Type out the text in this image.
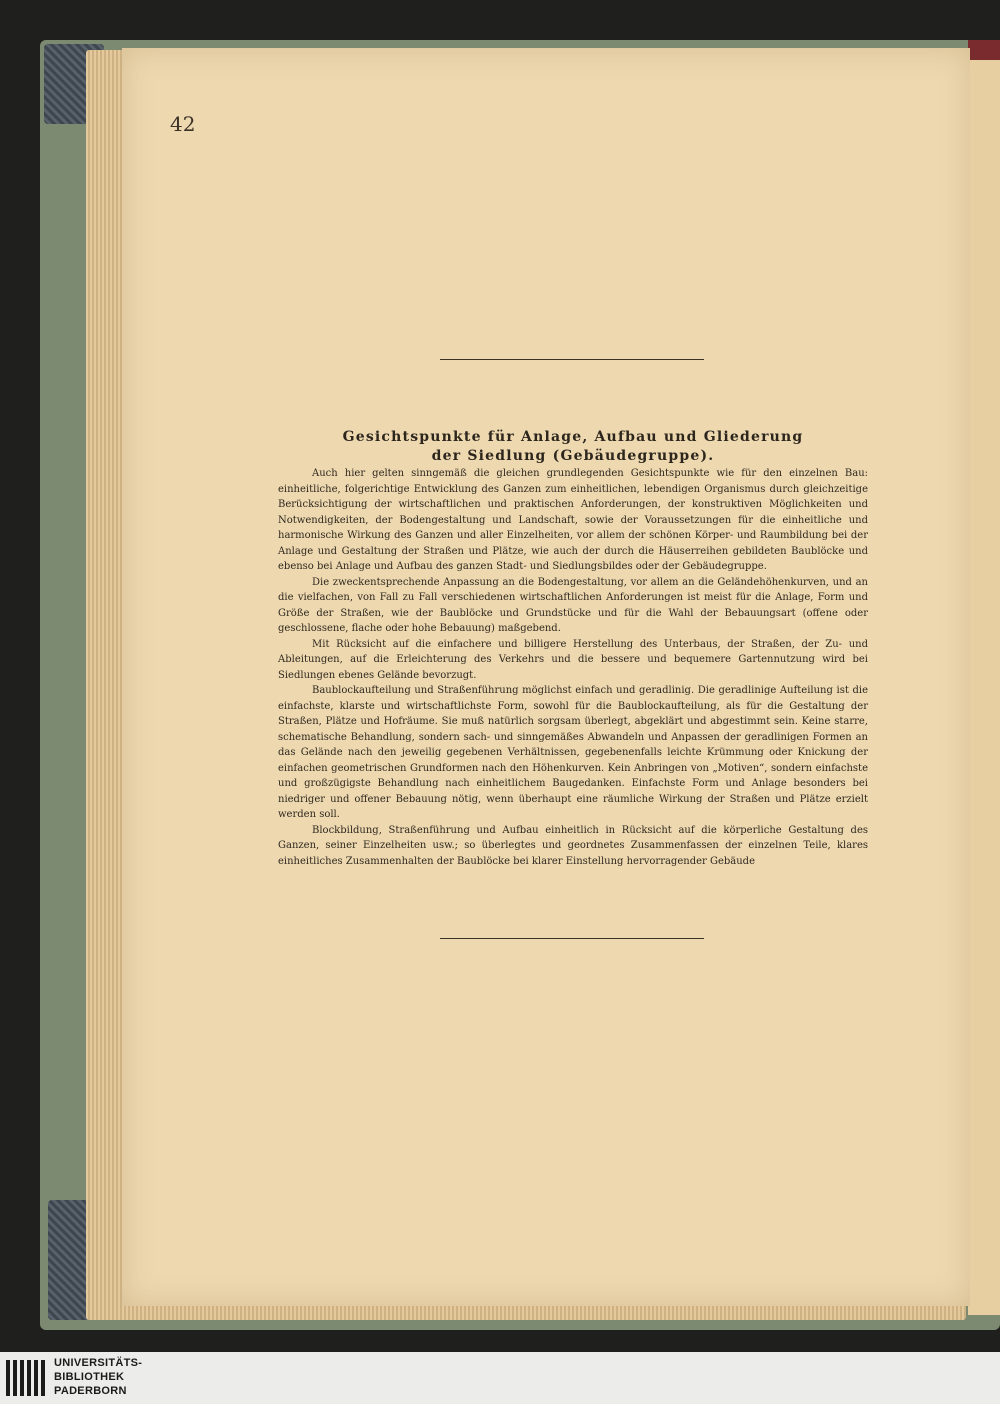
42
Gesichtspunkte für Anlage, Aufbau und Gliederung
der Siedlung (Gebäudegruppe).

Auch hier gelten sinngemäß die gleichen grundlegenden Gesichtspunkte wie für den einzelnen Bau: einheitliche, folgerichtige Entwicklung des Ganzen zum einheitlichen, lebendigen Organismus durch gleichzeitige Berücksichtigung der wirtschaftlichen und praktischen Anforderungen, der konstruktiven Möglichkeiten und Notwendigkeiten, der Bodengestaltung und Landschaft, sowie der Voraussetzungen für die einheitliche und harmonische Wirkung des Ganzen und aller Einzelheiten, vor allem der schönen Körper- und Raumbildung bei der Anlage und Gestaltung der Straßen und Plätze, wie auch der durch die Häuserreihen gebildeten Baublöcke und ebenso bei Anlage und Aufbau des ganzen Stadt- und Siedlungsbildes oder der Gebäudegruppe.

Die zweckentsprechende Anpassung an die Bodengestaltung, vor allem an die Geländehöhenkurven, und an die vielfachen, von Fall zu Fall verschiedenen wirtschaftlichen Anforderungen ist meist für die Anlage, Form und Größe der Straßen, wie der Baublöcke und Grundstücke und für die Wahl der Bebauungsart (offene oder geschlossene, flache oder hohe Bebauung) maßgebend.

Mit Rücksicht auf die einfachere und billigere Herstellung des Unterbaus, der Straßen, der Zu- und Ableitungen, auf die Erleichterung des Verkehrs und die bessere und bequemere Gartennutzung wird bei Siedlungen ebenes Gelände bevorzugt.

Baublockaufteilung und Straßenführung möglichst einfach und geradlinig. Die geradlinige Aufteilung ist die einfachste, klarste und wirtschaftlichste Form, sowohl für die Baublockaufteilung, als für die Gestaltung der Straßen, Plätze und Hofräume. Sie muß natürlich sorgsam überlegt, abgeklärt und abgestimmt sein. Keine starre, schematische Behandlung, sondern sach- und sinngemäßes Abwandeln und Anpassen der geradlinigen Formen an das Gelände nach den jeweilig gegebenen Verhältnissen, gegebenenfalls leichte Krümmung oder Knickung der einfachen geometrischen Grundformen nach den Höhenkurven. Kein Anbringen von „Motiven“, sondern einfachste und großzügigste Behandlung nach einheitlichem Baugedanken. Einfachste Form und Anlage besonders bei niedriger und offener Bebauung nötig, wenn überhaupt eine räumliche Wirkung der Straßen und Plätze erzielt werden soll.

Blockbildung, Straßenführung und Aufbau einheitlich in Rücksicht auf die körperliche Gestaltung des Ganzen, seiner Einzelheiten usw.; so überlegtes und geordnetes Zusammenfassen der einzelnen Teile, klares einheitliches Zusammenhalten der Baublöcke bei klarer Einstellung hervorragender Gebäude

UNIVERSITÄTS-
BIBLIOTHEK
PADERBORN
